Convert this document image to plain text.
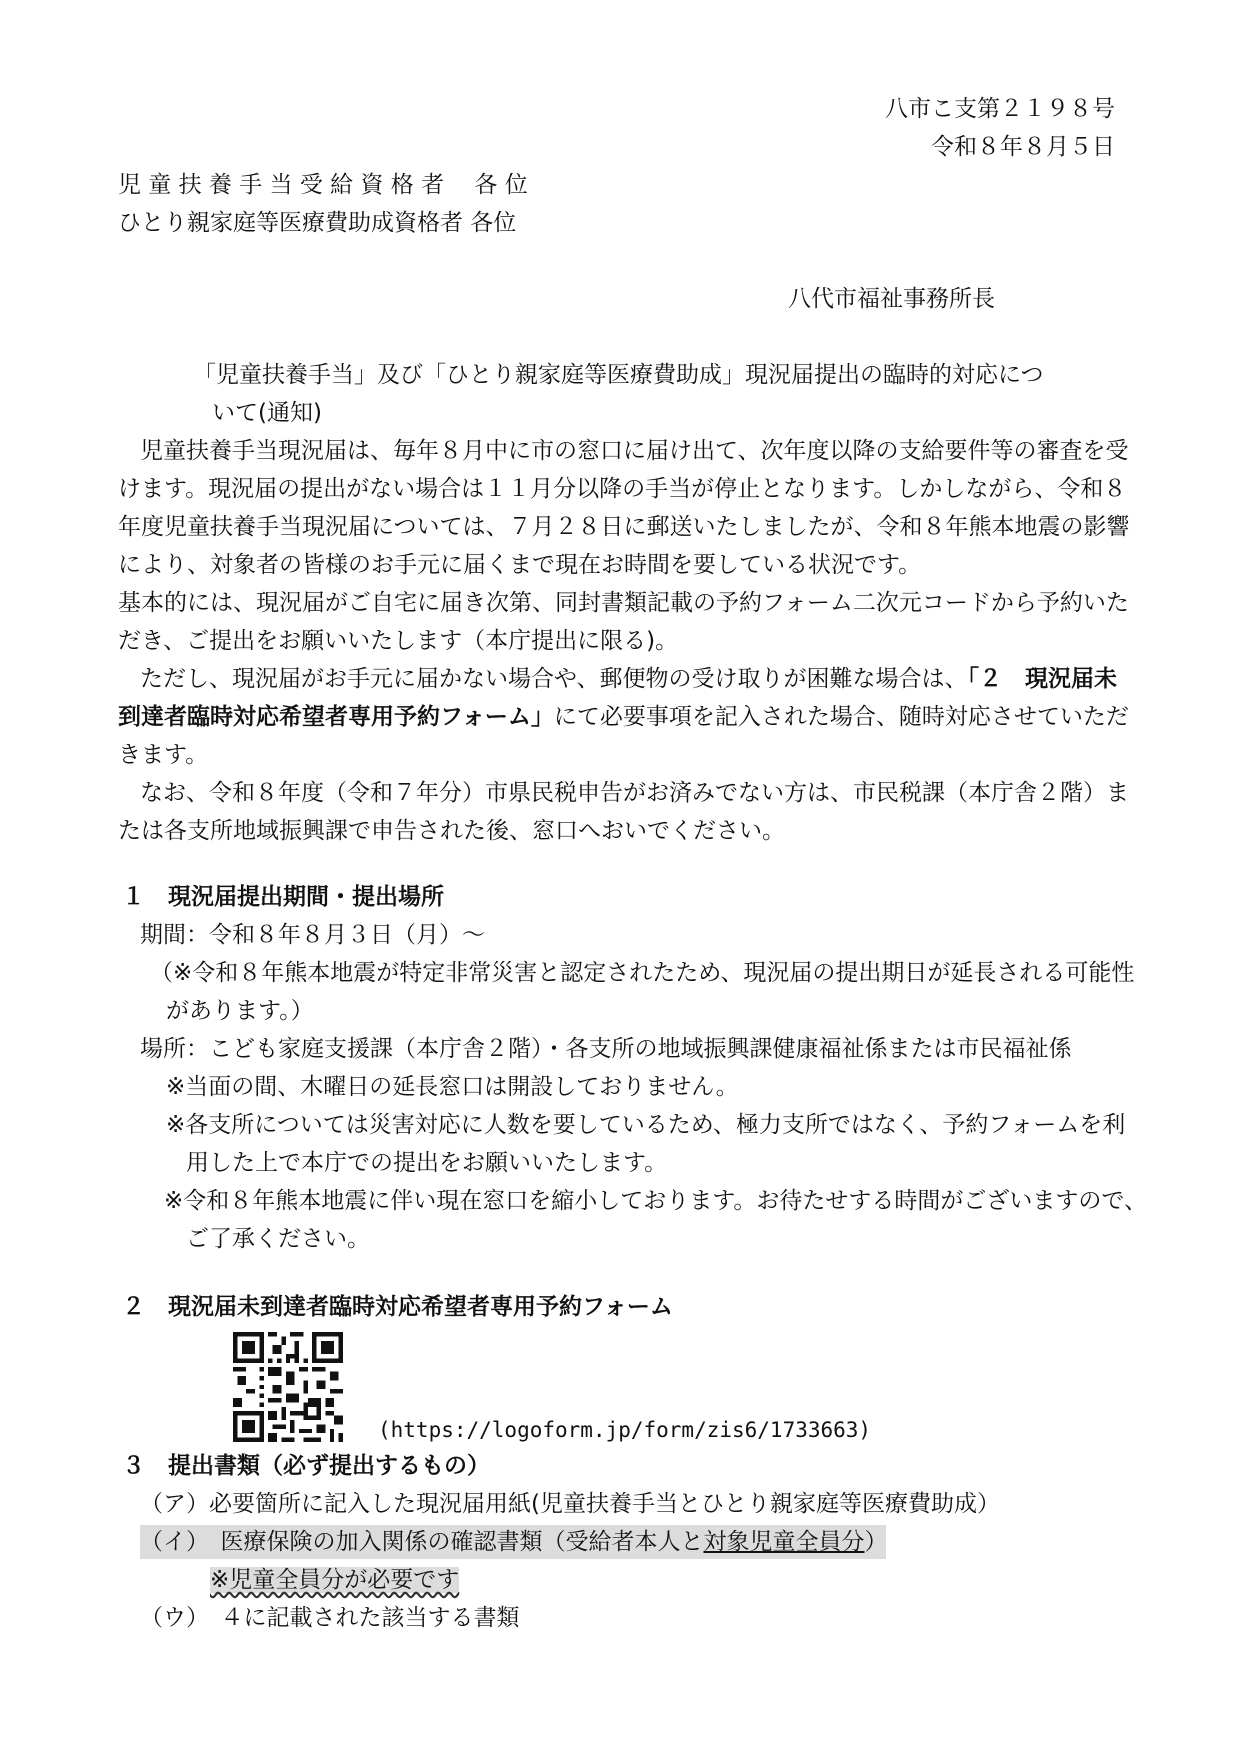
八市こ支第２１９８号
令和８年８月５日
児 童 扶 養 手 当 受 給 資 格 者　 各 位
ひとり親家庭等医療費助成資格者 各位
八代市福祉事務所長
「児童扶養手当」及び「ひとり親家庭等医療費助成」現況届提出の臨時的対応につ
いて(通知)
児童扶養手当現況届は、毎年８月中に市の窓口に届け出て、次年度以降の支給要件等の審査を受
けます。現況届の提出がない場合は１１月分以降の手当が停止となります。しかしながら、令和８
年度児童扶養手当現況届については、７月２８日に郵送いたしましたが、令和８年熊本地震の影響
により、対象者の皆様のお手元に届くまで現在お時間を要している状況です。
基本的には、現況届がご自宅に届き次第、同封書類記載の予約フォーム二次元コードから予約いた
だき、ご提出をお願いいたします（本庁提出に限る)。
ただし、現況届がお手元に届かない場合や、郵便物の受け取りが困難な場合は、「２　現況届未
到達者臨時対応希望者専用予約フォーム」にて必要事項を記入された場合、随時対応させていただ
きます。
なお、令和８年度（令和７年分）市県民税申告がお済みでない方は、市民税課（本庁舎２階）ま
たは各支所地域振興課で申告された後、窓口へおいでください。
１　現況届提出期間・提出場所
期間：令和８年８月３日（月）～
（※令和８年熊本地震が特定非常災害と認定されたため、現況届の提出期日が延長される可能性
があります。）
場所：こども家庭支援課（本庁舎２階）・各支所の地域振興課健康福祉係または市民福祉係
※当面の間、木曜日の延長窓口は開設しておりません。
※各支所については災害対応に人数を要しているため、極力支所ではなく、予約フォームを利
用した上で本庁での提出をお願いいたします。
※令和８年熊本地震に伴い現在窓口を縮小しております。お待たせする時間がございますので、
ご了承ください。
２　現況届未到達者臨時対応希望者専用予約フォーム
(https://logoform.jp/form/zis6/1733663)
３　提出書類（必ず提出するもの）
（ア）必要箇所に記入した現況届用紙(児童扶養手当とひとり親家庭等医療費助成）
（イ）　医療保険の加入関係の確認書類（受給者本人と対象児童全員分）
※児童全員分が必要です
（ウ）　４に記載された該当する書類
